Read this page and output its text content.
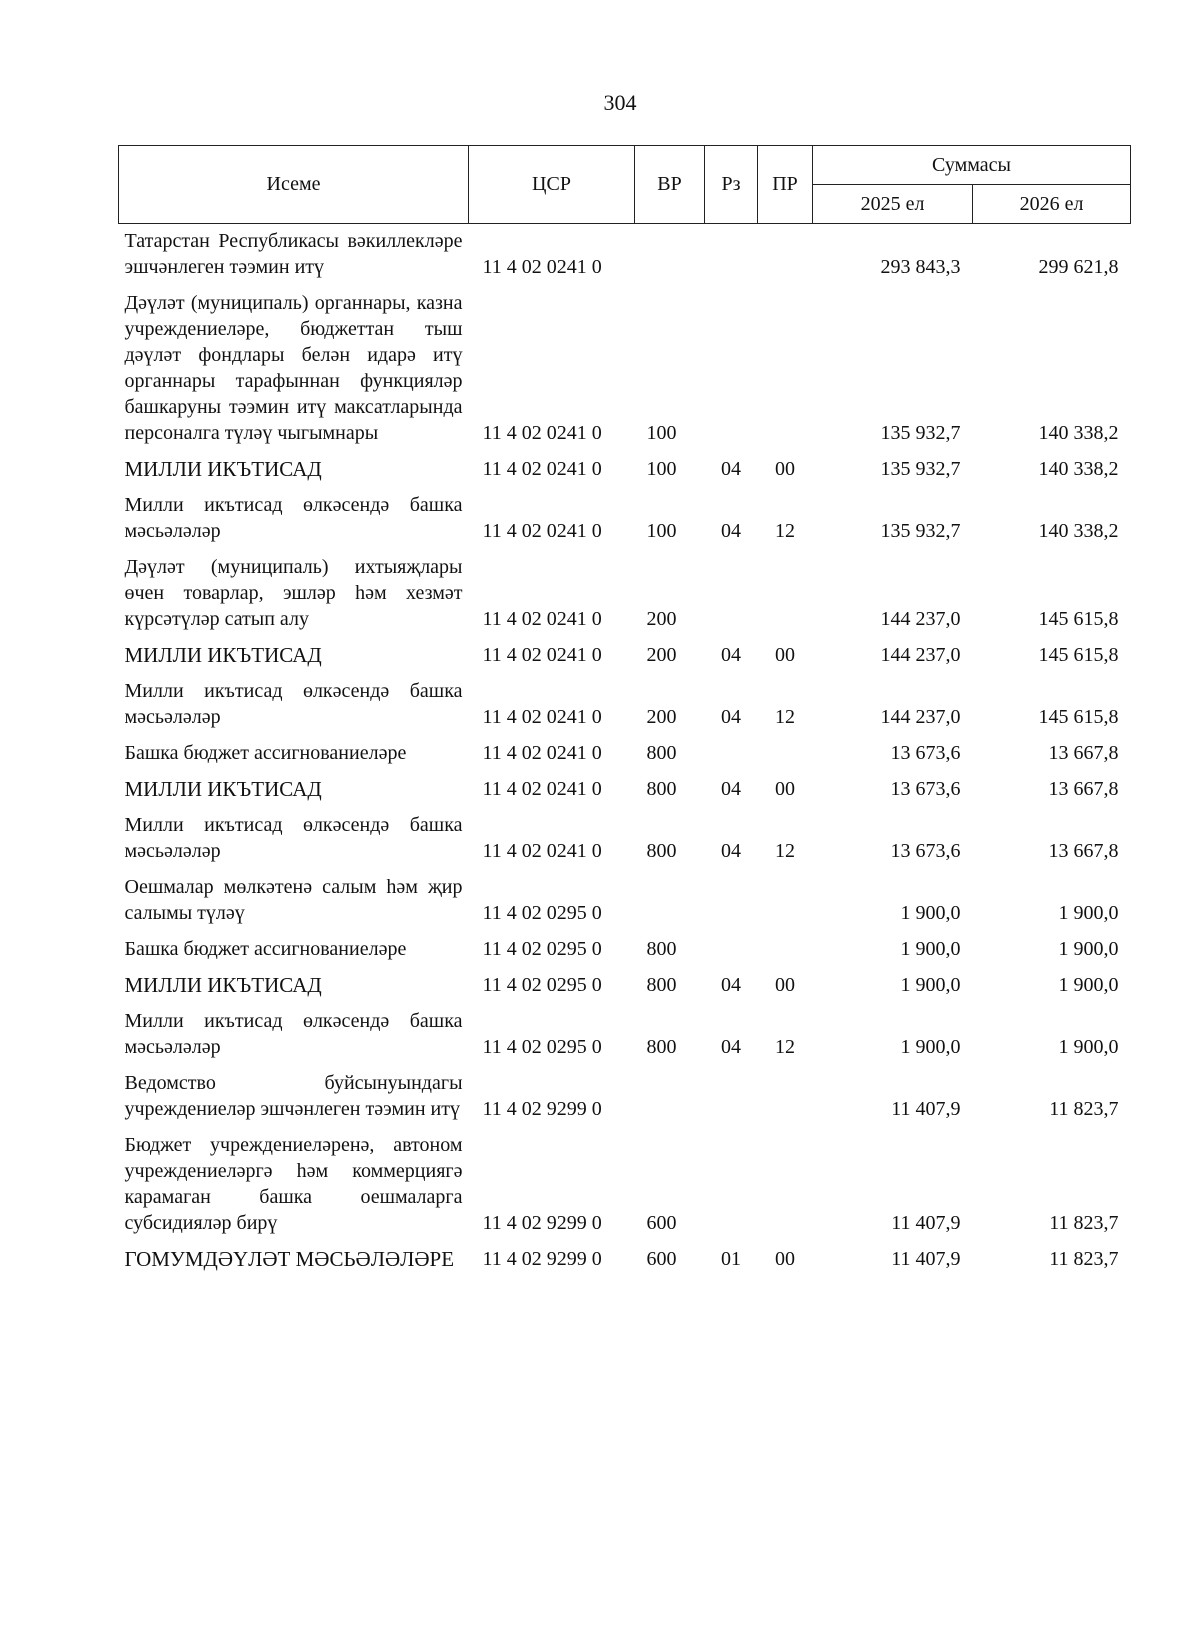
304
Исеме	ЦСР	ВР	Рз	ПР	Суммасы	
					2025 ел	2026 ел
Татарстан Республикасы вәкиллекләре эшчәнлеген тәэмин итү	11 4 02 0241 0				293 843,3	299 621,8
Дәүләт (муниципаль) органнары, казна учреждениеләре, бюджеттан тыш дәүләт фондлары белән идарә итү органнары тарафыннан функцияләр башкаруны тәэмин итү максатларында персоналга түләү чыгымнары	11 4 02 0241 0	100			135 932,7	140 338,2
МИЛЛИ ИКЪТИСАД	11 4 02 0241 0	100	04	00	135 932,7	140 338,2
Милли икътисад өлкәсендә башка мәсьәләләр	11 4 02 0241 0	100	04	12	135 932,7	140 338,2
Дәүләт (муниципаль) ихтыяҗлары өчен товарлар, эшләр һәм хезмәт күрсәтүләр сатып алу	11 4 02 0241 0	200			144 237,0	145 615,8
МИЛЛИ ИКЪТИСАД	11 4 02 0241 0	200	04	00	144 237,0	145 615,8
Милли икътисад өлкәсендә башка мәсьәләләр	11 4 02 0241 0	200	04	12	144 237,0	145 615,8
Башка бюджет ассигнованиеләре	11 4 02 0241 0	800			13 673,6	13 667,8
МИЛЛИ ИКЪТИСАД	11 4 02 0241 0	800	04	00	13 673,6	13 667,8
Милли икътисад өлкәсендә башка мәсьәләләр	11 4 02 0241 0	800	04	12	13 673,6	13 667,8
Оешмалар мөлкәтенә салым һәм җир салымы түләү	11 4 02 0295 0				1 900,0	1 900,0
Башка бюджет ассигнованиеләре	11 4 02 0295 0	800			1 900,0	1 900,0
МИЛЛИ ИКЪТИСАД	11 4 02 0295 0	800	04	00	1 900,0	1 900,0
Милли икътисад өлкәсендә башка мәсьәләләр	11 4 02 0295 0	800	04	12	1 900,0	1 900,0
Ведомство буйсынуындагы учреждениеләр эшчәнлеген тәэмин итү	11 4 02 9299 0				11 407,9	11 823,7
Бюджет учреждениеләренә, автоном учреждениеләргә һәм коммерциягә карамаган башка оешмаларга субсидияләр бирү	11 4 02 9299 0	600			11 407,9	11 823,7
ГОМУМДӘҮЛӘТ МӘСЬӘЛӘЛӘРЕ	11 4 02 9299 0	600	01	00	11 407,9	11 823,7
